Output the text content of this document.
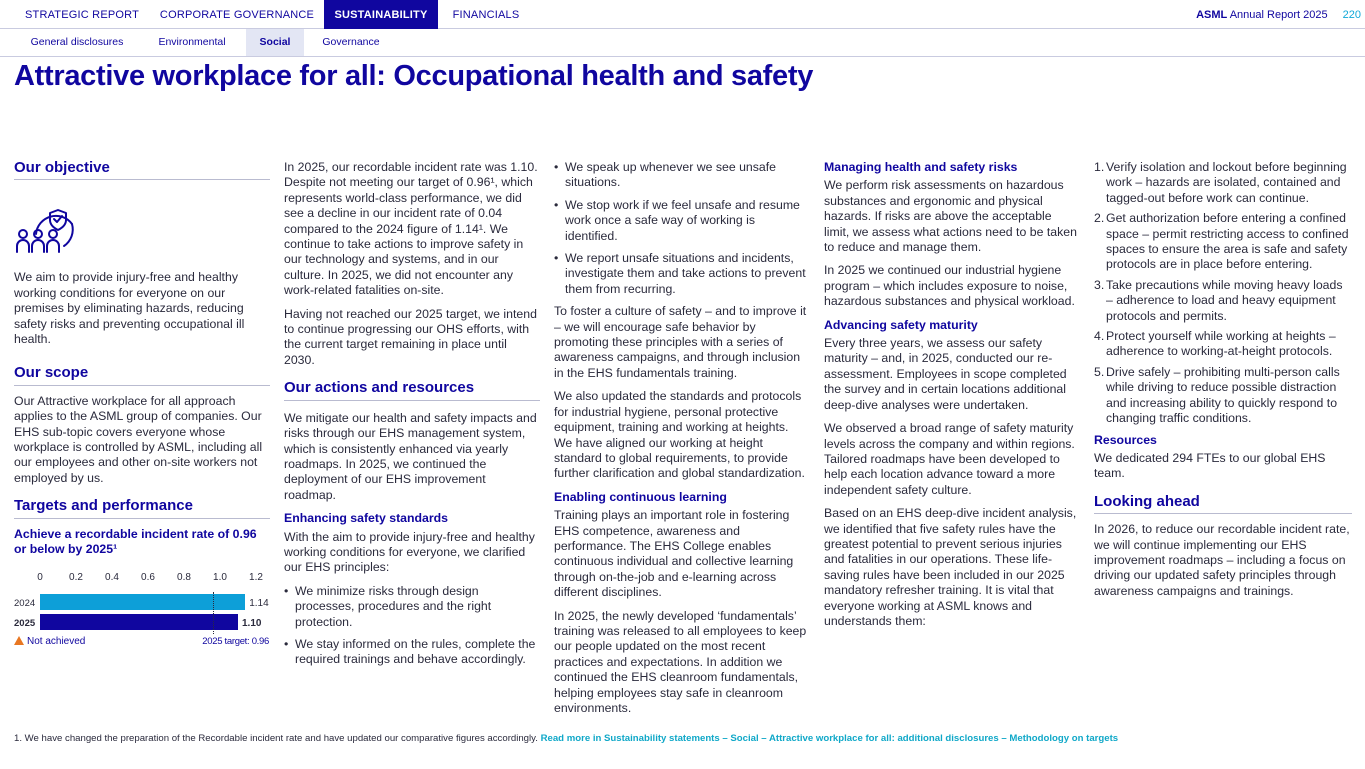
STRATEGIC REPORT	CORPORATE GOVERNANCE	SUSTAINABILITY	FINANCIALS	ASML Annual Report 2025 220
General disclosures	Environmental	Social	Governance
Attractive workplace for all: Occupational health and safety
Our objective

We aim to provide injury-free and healthy working conditions for everyone on our premises by eliminating hazards, reducing safety risks and preventing occupational ill health.

Our scope

Our Attractive workplace for all approach applies to the ASML group of companies. Our EHS sub-topic covers everyone whose workplace is controlled by ASML, including all our employees and other on-site workers not employed by us.

Targets and performance
Achieve a recordable incident rate of 0.96 or below by 2025¹
Not achieved	2025 target: 0.96
0	0.2 0.4 0.6 0.8 1.0 1.2
2024	1.14
2025	1.10

In 2025, our recordable incident rate was 1.10. Despite not meeting our target of 0.96¹, which represents world-class performance, we did see a decline in our incident rate of 0.04 compared to the 2024 figure of 1.14¹. We continue to take actions to improve safety in our technology and systems, and in our culture. In 2025, we did not encounter any work-related fatalities on-site.

Having not reached our 2025 target, we intend to continue progressing our OHS efforts, with the current target remaining in place until 2030.

Our actions and resources

We mitigate our health and safety impacts and risks through our EHS management system, which is consistently enhanced via yearly roadmaps. In 2025, we continued the deployment of our EHS improvement roadmap.

Enhancing safety standards

With the aim to provide injury-free and healthy working conditions for everyone, we clarified our EHS principles:

• We minimize risks through design processes, procedures and the right protection.
• We stay informed on the rules, complete the required trainings and behave accordingly.
• We speak up whenever we see unsafe situations.
• We stop work if we feel unsafe and resume work once a safe way of working is identified.
• We report unsafe situations and incidents, investigate them and take actions to prevent them from recurring.

To foster a culture of safety – and to improve it – we will encourage safe behavior by promoting these principles with a series of awareness campaigns, and through inclusion in the EHS fundamentals training.

We also updated the standards and protocols for industrial hygiene, personal protective equipment, training and working at heights. We have aligned our working at height standard to global requirements, to provide further clarification and global standardization.

Enabling continuous learning

Training plays an important role in fostering EHS competence, awareness and performance. The EHS College enables continuous individual and collective learning through on-the-job and e-learning across different disciplines.

In 2025, the newly developed ‘fundamentals’ training was released to all employees to keep our people updated on the most recent practices and expectations. In addition we continued the EHS cleanroom fundamentals, helping employees stay safe in cleanroom environments.

Managing health and safety risks

We perform risk assessments on hazardous substances and ergonomic and physical hazards. If risks are above the acceptable limit, we assess what actions need to be taken to reduce and manage them.

In 2025 we continued our industrial hygiene program – which includes exposure to noise, hazardous substances and physical workload.

Advancing safety maturity

Every three years, we assess our safety maturity – and, in 2025, conducted our re-assessment. Employees in scope completed the survey and in certain locations additional deep-dive analyses were undertaken.

We observed a broad range of safety maturity levels across the company and within regions. Tailored roadmaps have been developed to help each location advance toward a more independent safety culture.

Based on an EHS deep-dive incident analysis, we identified that five safety rules have the greatest potential to prevent serious injuries and fatalities in our operations. These life-saving rules have been included in our 2025 mandatory refresher training. It is vital that everyone working at ASML knows and understands them:

1. Verify isolation and lockout before beginning work – hazards are isolated, contained and tagged-out before work can continue.
2. Get authorization before entering a confined space – permit restricting access to confined spaces to ensure the area is safe and safety protocols are in place before entering.
3. Take precautions while moving heavy loads – adherence to load and heavy equipment protocols and permits.
4. Protect yourself while working at heights – adherence to working-at-height protocols.
5. Drive safely – prohibiting multi-person calls while driving to reduce possible distraction and increasing ability to quickly respond to changing traffic conditions.
Resources

We dedicated 294 FTEs to our global EHS team.

Looking ahead

In 2026, to reduce our recordable incident rate, we will continue implementing our EHS improvement roadmaps – including a focus on driving our updated safety principles through awareness campaigns and trainings.

1. We have changed the preparation of the Recordable incident rate and have updated our comparative figures accordingly. Read more in Sustainability statements – Social – Attractive workplace for all: additional disclosures – Methodology on targets
